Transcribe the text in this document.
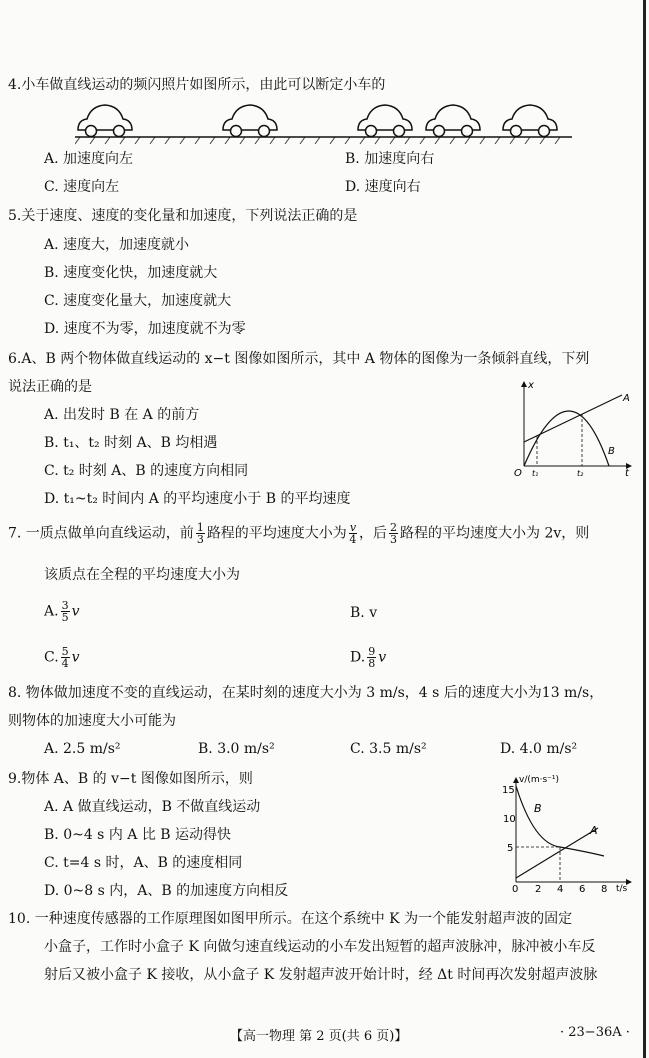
4.小车做直线运动的频闪照片如图所示，由此可以断定小车的
A. 加速度向左	B. 加速度向右
C. 速度向左	D. 速度向右
5.关于速度、速度的变化量和加速度，下列说法正确的是
A. 速度大，加速度就小
B. 速度变化快，加速度就大
C. 速度变化量大，加速度就大
D. 速度不为零，加速度就不为零
6.A、B 两个物体做直线运动的 x−t 图像如图所示，其中 A 物体的图像为一条倾斜直线，下列
说法正确的是
A. 出发时 B 在 A 的前方
B. t₁、t₂ 时刻 A、B 均相遇
C. t₂ 时刻 A、B 的速度方向相同
D. t₁~t₂ 时间内 A 的平均速度小于 B 的平均速度
x
t
O t₁	t₂
A
B
7. 一质点做单向直线运动，前 $\frac{1}{3}$ 路程的平均速度大小为 $\frac{v}{4}$ ，后 $\frac{2}{3}$ 路程的平均速度大小为 2v，则
该质点在全程的平均速度大小为
A. $\frac{3}{5}$ v	B. v
C. $\frac{5}{4}$ v	D. $\frac{9}{8}$ v
8. 物体做加速度不变的直线运动，在某时刻的速度大小为 3 m/s，4 s 后的速度大小为13 m/s，
则物体的加速度大小可能为
A. 2.5 m/s²	B. 3.0 m/s²	C. 3.5 m/s²	D. 4.0 m/s²
9.物体 A、B 的 v−t 图像如图所示，则
A. A 做直线运动，B 不做直线运动
B. 0~4 s 内 A 比 B 运动得快
C. t=4 s 时，A、B 的速度相同
D. 0~8 s 内，A、B 的加速度方向相反
v/(m·s⁻¹)
t/s
15
10
5
0 2 4 6 8
A
B
10. 一种速度传感器的工作原理图如图甲所示。在这个系统中 K 为一个能发射超声波的固定
小盒子，工作时小盒子 K 向做匀速直线运动的小车发出短暂的超声波脉冲，脉冲被小车反
射后又被小盒子 K 接收，从小盒子 K 发射超声波开始计时，经 Δt 时间再次发射超声波脉
【高一物理 第 2 页(共 6 页)】	· 23−36A ·
